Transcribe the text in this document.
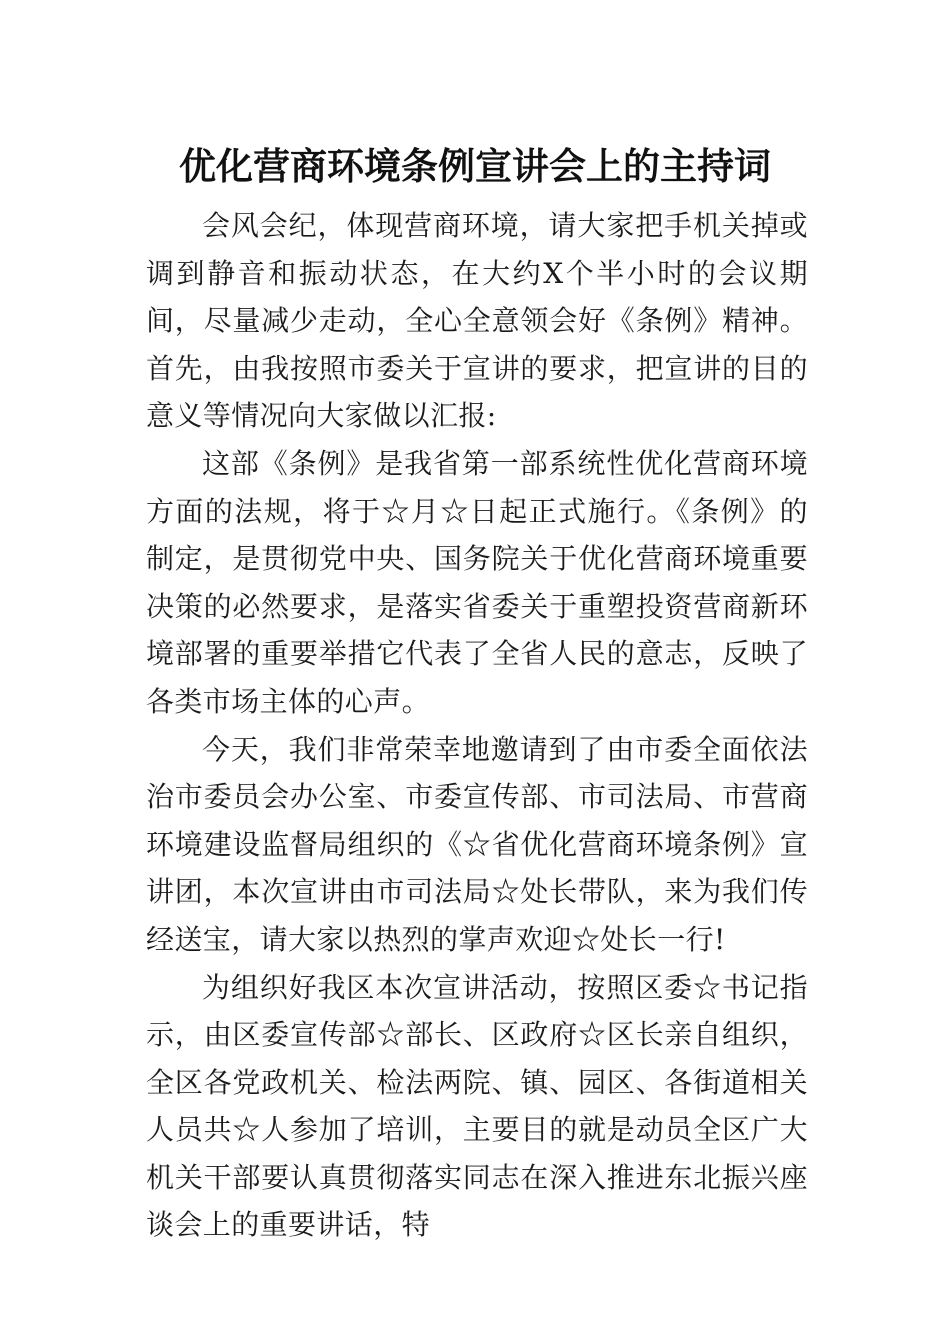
优化营商环境条例宣讲会上的主持词

会风会纪，体现营商环境，请大家把手机关掉或调到静音和振动状态，在大约X个半小时的会议期间，尽量减少走动，全心全意领会好《条例》精神。首先，由我按照市委关于宣讲的要求，把宣讲的目的意义等情况向大家做以汇报:

这部《条例》是我省第一部系统性优化营商环境方面的法规，将于☆月☆日起正式施行。《条例》的制定，是贯彻党中央、国务院关于优化营商环境重要决策的必然要求，是落实省委关于重塑投资营商新环境部署的重要举措它代表了全省人民的意志，反映了各类市场主体的心声。

今天，我们非常荣幸地邀请到了由市委全面依法治市委员会办公室、市委宣传部、市司法局、市营商环境建设监督局组织的《☆省优化营商环境条例》宣讲团，本次宣讲由市司法局☆处长带队，来为我们传经送宝，请大家以热烈的掌声欢迎☆处长一行!

为组织好我区本次宣讲活动，按照区委☆书记指示，由区委宣传部☆部长、区政府☆区长亲自组织，全区各党政机关、检法两院、镇、园区、各街道相关人员共☆人参加了培训，主要目的就是动员全区广大机关干部要认真贯彻落实同志在深入推进东北振兴座谈会上的重要讲话，特
